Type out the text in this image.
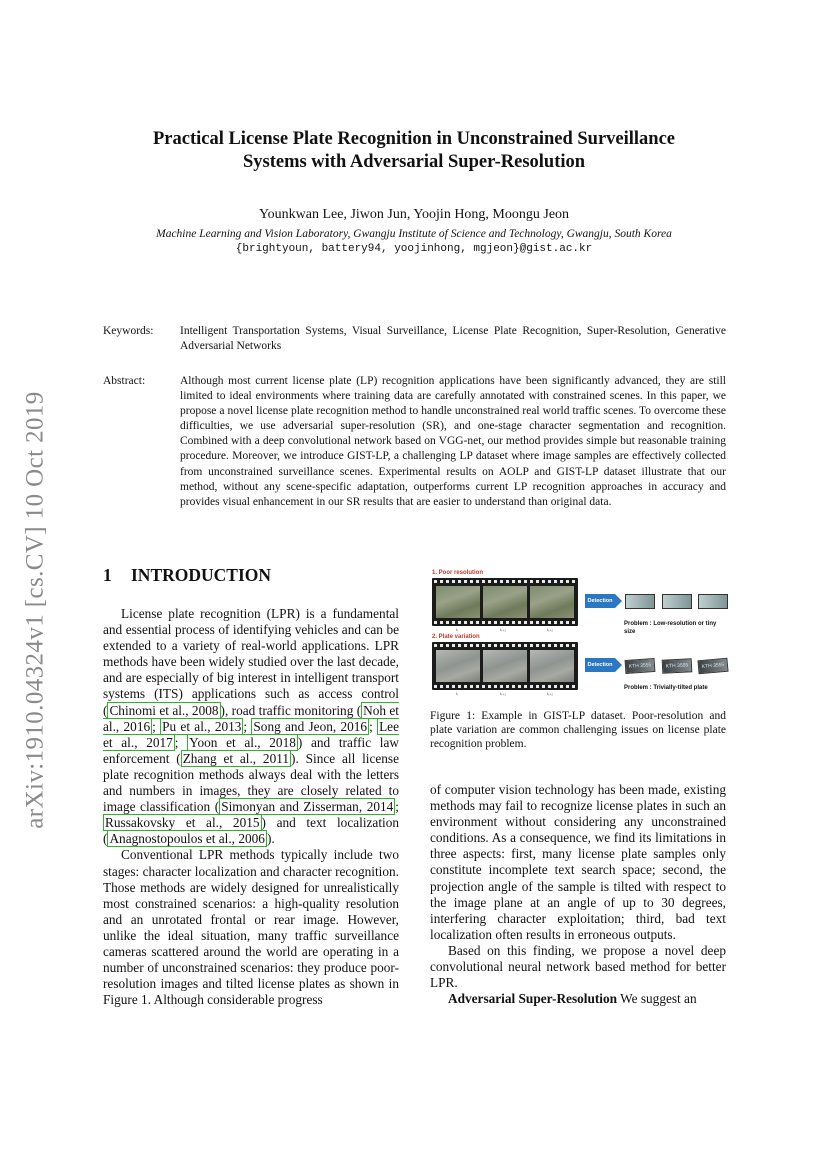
arXiv:1910.04324v1 [cs.CV] 10 Oct 2019
Practical License Plate Recognition in Unconstrained Surveillance
Systems with Adversarial Super-Resolution
Younkwan Lee, Jiwon Jun, Yoojin Hong, Moongu Jeon
Machine Learning and Vision Laboratory, Gwangju Institute of Science and Technology, Gwangju, South Korea
{brightyoun, battery94, yoojinhong, mgjeon}@gist.ac.kr
Keywords: Intelligent Transportation Systems, Visual Surveillance, License Plate Recognition, Super-Resolution, Generative Adversarial Networks
Abstract:	Although most current license plate (LP) recognition applications have been significantly advanced, they are still limited to ideal environments where training data are carefully annotated with constrained scenes. In this paper, we propose a novel license plate recognition method to handle unconstrained real world traffic scenes. To overcome these difficulties, we use adversarial super-resolution (SR), and one-stage character segmentation and recognition. Combined with a deep convolutional network based on VGG-net, our method provides simple but reasonable training procedure. Moreover, we introduce GIST-LP, a challenging LP dataset where image samples are effectively collected from unconstrained surveillance scenes. Experimental results on AOLP and GIST-LP dataset illustrate that our method, without any scene-specific adaptation, outperforms current LP recognition approaches in accuracy and provides visual enhancement in our SR results that are easier to understand than original data.
1 INTRODUCTION

License plate recognition (LPR) is a fundamental and essential process of identifying vehicles and can be extended to a variety of real-world applications. LPR methods have been widely studied over the last decade, and are especially of big interest in intelligent transport systems (ITS) applications such as access control ( Chinomi et al., 2008 ), road traffic monitoring ( Noh et al., 2016 ; Pu et al., 2013 ; Song and Jeon, 2016 ; Lee et al., 2017 ; Yoon et al., 2018 ) and traffic law enforcement ( Zhang et al., 2011 ). Since all license plate recognition methods always deal with the letters and numbers in images, they are closely related to image classification ( Simonyan and Zisserman, 2014 ; Russakovsky et al., 2015 ) and text localization ( Anagnostopoulos et al., 2006 ).

Conventional LPR methods typically include two stages: character localization and character recognition. Those methods are widely designed for unrealistically most constrained scenarios: a high-quality resolution and an unrotated frontal or rear image. However, unlike the ideal situation, many traffic surveillance cameras scattered around the world are operating in a number of unconstrained scenarios: they produce poor-resolution images and tilted license plates as shown in Figure 1. Although considerable progress

1. Poor resolution
Iₜ	Iₜ₊₁	Iₜ₊₂
Detection
Problem : Low-resolution or tiny size
2. Plate variation
Iₜ	Iₜ₊₁	Iₜ₊₂
Detection	KTH 3555	KTH 3555	KTH 3555
Problem : Trivially-tilted plate
Figure 1: Example in GIST-LP dataset. Poor-resolution and plate variation are common challenging issues on license plate recognition problem.

of computer vision technology has been made, existing methods may fail to recognize license plates in such an environment without considering any unconstrained conditions. As a consequence, we find its limitations in three aspects: first, many license plate samples only constitute incomplete text search space; second, the projection angle of the sample is tilted with respect to the image plane at an angle of up to 30 degrees, interfering character exploitation; third, bad text localization often results in erroneous outputs.

Based on this finding, we propose a novel deep convolutional neural network based method for better LPR.

Adversarial Super-Resolution We suggest an
